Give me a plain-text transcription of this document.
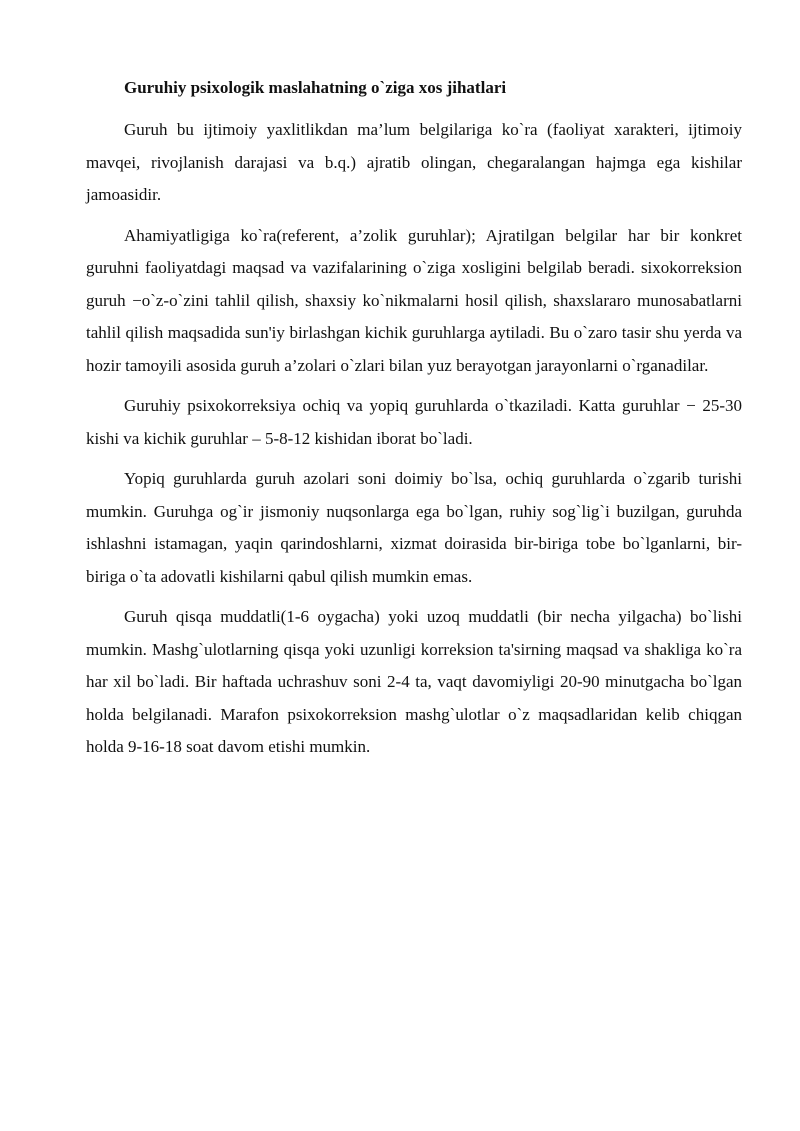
Guruhiy psixologik maslahatning o`ziga xos jihatlari

Guruh bu ijtimoiy yaxlitlikdan ma’lum belgilariga ko`ra (faoliyat xarakteri, ijtimoiy mavqei, rivojlanish darajasi va b.q.) ajratib olingan, chegaralangan hajmga ega kishilar jamoasidir.

Ahamiyatligiga ko`ra(referent, a’zolik guruhlar); Ajratilgan belgilar har bir konkret guruhni faoliyatdagi maqsad va vazifalarining o`ziga xosligini belgilab beradi. sixokorreksion guruh −o`z-o`zini tahlil qilish, shaxsiy ko`nikmalarni hosil qilish, shaxslararo munosabatlarni tahlil qilish maqsadida sun'iy birlashgan kichik guruhlarga aytiladi. Bu o`zaro tasir shu yerda va hozir tamoyili asosida guruh a’zolari o`zlari bilan yuz berayotgan jarayonlarni o`rganadilar.

Guruhiy psixokorreksiya ochiq va yopiq guruhlarda o`tkaziladi. Katta guruhlar − 25-30 kishi va kichik guruhlar – 5-8-12 kishidan iborat bo`ladi.

Yopiq guruhlarda guruh azolari soni doimiy bo`lsa, ochiq guruhlarda o`zgarib turishi mumkin. Guruhga og`ir jismoniy nuqsonlarga ega bo`lgan, ruhiy sog`lig`i buzilgan, guruhda ishlashni istamagan, yaqin qarindoshlarni, xizmat doirasida bir-biriga tobe bo`lganlarni, bir-biriga o`ta adovatli kishilarni qabul qilish mumkin emas.

Guruh qisqa muddatli(1-6 oygacha) yoki uzoq muddatli (bir necha yilgacha) bo`lishi mumkin. Mashg`ulotlarning qisqa yoki uzunligi korreksion ta'sirning maqsad va shakliga ko`ra har xil bo`ladi. Bir haftada uchrashuv soni 2-4 ta, vaqt davomiyligi 20-90 minutgacha bo`lgan holda belgilanadi. Marafon psixokorreksion mashg`ulotlar o`z maqsadlaridan kelib chiqgan holda 9-16-18 soat davom etishi mumkin.
